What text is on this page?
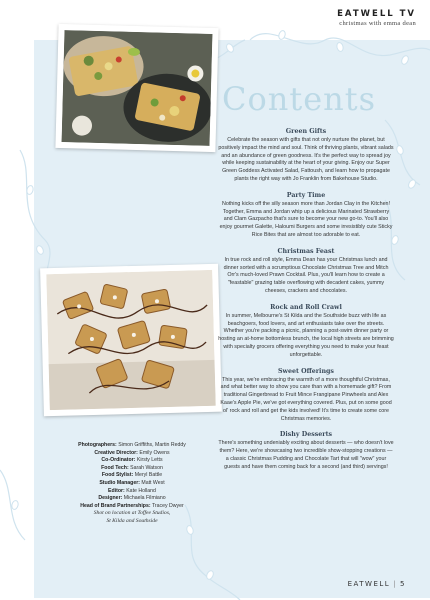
EATWELL TV
christmas with emma dean
Contents
Green Gifts

Celebrate the season with gifts that not only nurture the planet, but positively impact the mind and soul. Think of thriving plants, vibrant salads and an abundance of green goodness. It's the perfect way to spread joy while keeping sustainability at the heart of your giving. Enjoy our Super Green Goddess Activated Salad, Fattoush, and learn how to propagate plants the right way with Jo Franklin from Bakehouse Studio.

Party Time

Nothing kicks off the silly season more than Jordan Clay in the Kitchen! Together, Emma and Jordan whip up a delicious Marinated Strawberry and Clam Gazpacho that's sure to become your new go-to. You'll also enjoy gourmet Galette, Haloumi Burgers and some irresistibly cute Sticky Rice Bites that are almost too adorable to eat.

Christmas Feast

In true rock and roll style, Emma Dean has your Christmas lunch and dinner sorted with a scrumptious Chocolate Christmas Tree and Mitch Orr's much-loved Prawn Cocktail. Plus, you'll learn how to create a "feastable" grazing table overflowing with decadent cakes, yummy cheeses, crackers and chocolates.

Rock and Roll Crawl

In summer, Melbourne's St Kilda and the Southside buzz with life as beachgoers, food lovers, and art enthusiasts take over the streets. Whether you're packing a picnic, planning a post-swim dinner party or hosting an at-home bottomless brunch, the local high streets are brimming with specialty grocers offering everything you need to make your feast unforgettable.

Sweet Offerings

This year, we're embracing the warmth of a more thoughtful Christmas, and what better way to show you care than with a homemade gift? From traditional Gingerbread to Fruit Mince Frangipane Pinwheels and Alex Kaae's Apple Pie, we've got everything covered. Plus, put on some good ol' rock and roll and get the kids involved! It's time to create some core Christmas memories.

Dishy Desserts

There's something undeniably exciting about desserts — who doesn't love them? Here, we're showcasing two incredible show-stopping creations — a classic Christmas Pudding and Chocolate Tart that will "wow" your guests and have them coming back for a second (and third) servings!

Photographers: Simon Griffiths, Martin Reddy
Creative Director: Emily Owens
Co-Ordinator: Kirsty Letts
Food Tech: Sarah Watson
Food Stylist: Meryl Battle
Studio Manager: Matt West
Editor: Kate Holland
Designer: Michaela Filmiano
Head of Brand Partnerships: Tracey Dwyer
Shot on location at Toffee Studios,
St Kilda and Southside
EATWELL | 5
